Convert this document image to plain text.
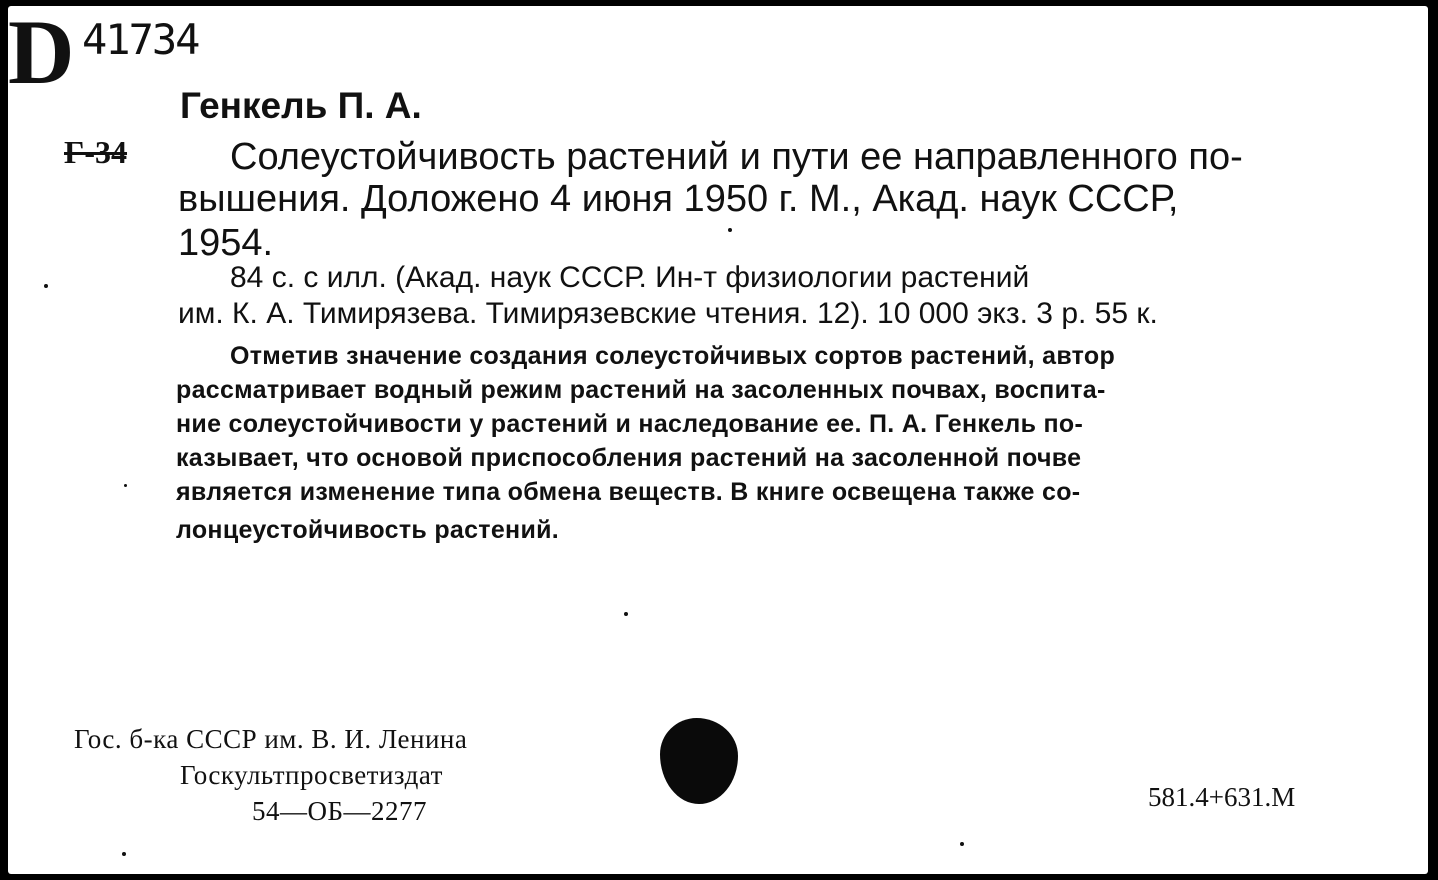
D 41734
Генкель П. А.
Г-34	Солеустойчивость растений и пути ее направленного по-
вышения. Доложено 4 июня 1950 г. М., Акад. наук СССР,
1954.
84 с. с илл. (Акад. наук СССР. Ин-т физиологии растений
им. К. А. Тимирязева. Тимирязевские чтения. 12). 10 000 экз. 3 р. 55 к.
Отметив значение создания солеустойчивых сортов растений, автор
рассматривает водный режим растений на засоленных почвах, воспита-
ние солеустойчивости у растений и наследование ее. П. А. Генкель по-
казывает, что основой приспособления растений на засоленной почве
является изменение типа обмена веществ. В книге освещена также со-
лонцеустойчивость растений.
Гос. б-ка СССР им. В. И. Ленина
Госкультпросветиздат
54—ОБ—2277	581.4+631.М
